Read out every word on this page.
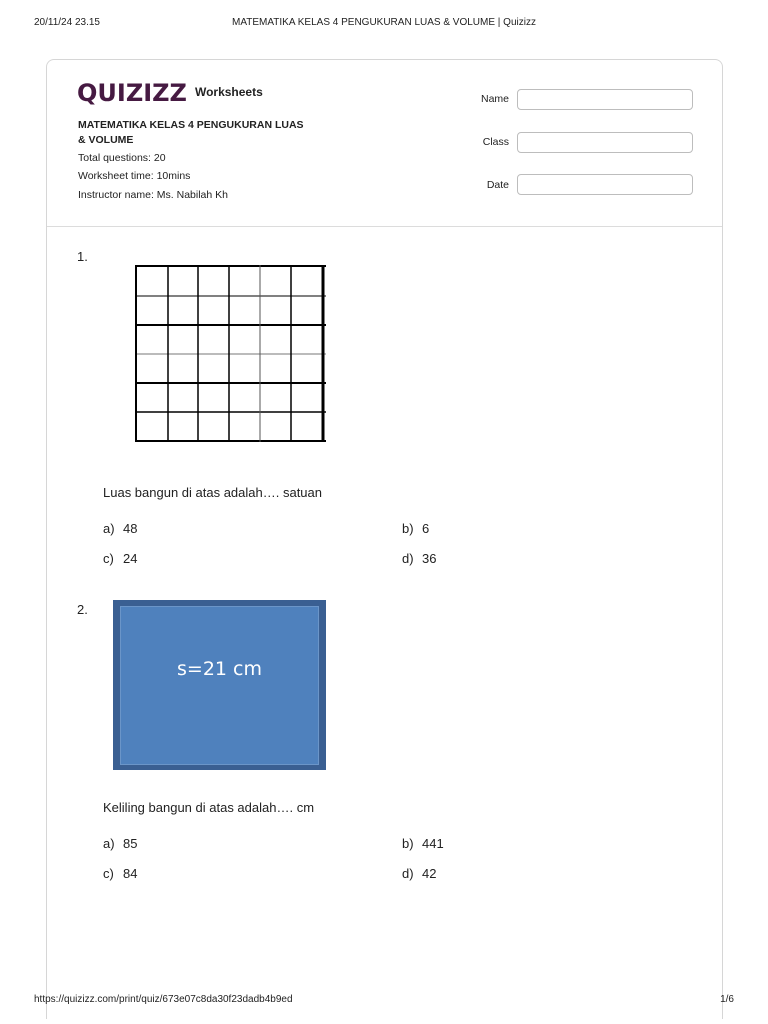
20/11/24 23.15	MATEMATIKA KELAS 4 PENGUKURAN LUAS & VOLUME | Quizizz
QUIZIZZ Worksheets
MATEMATIKA KELAS 4 PENGUKURAN LUAS & VOLUME
Total questions: 20
Worksheet time: 10mins
Instructor name: Ms. Nabilah Kh
Name
Class
Date
1.
Luas bangun di atas adalah…. satuan
a) 48	b) 6
c) 24	d) 36
2.
s=21 cm
Keliling bangun di atas adalah…. cm
a) 85	b) 441
c) 84	d) 42
https://quizizz.com/print/quiz/673e07c8da30f23dadb4b9ed	1/6
